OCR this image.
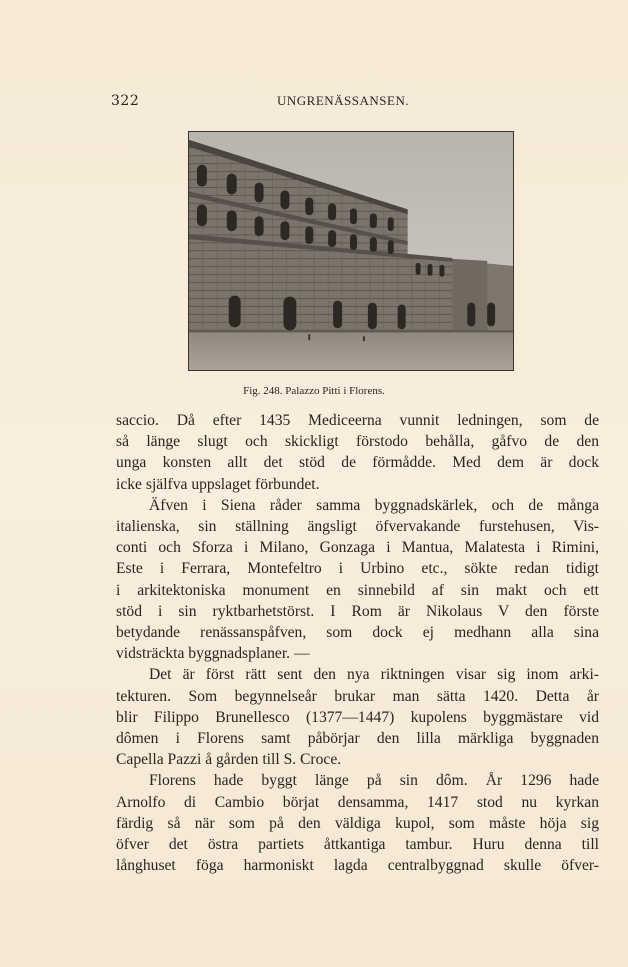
322	UNGRENÄSSANSEN.
Fig. 248. Palazzo Pitti i Florens.

saccio. Då efter 1435 Mediceerna vunnit ledningen, som de

så länge slugt och skickligt förstodo behålla, gåfvo de den

unga konsten allt det stöd de förmådde. Med dem är dock

icke själfva uppslaget förbundet.

Äfven i Siena råder samma byggnadskärlek, och de många

italienska, sin ställning ängsligt öfvervakande furstehusen, Vis-

conti och Sforza i Milano, Gonzaga i Mantua, Malatesta i Rimini,

Este i Ferrara, Montefeltro i Urbino etc., sökte redan tidigt

i arkitektoniska monument en sinnebild af sin makt och ett

stöd i sin ryktbarhetstörst. I Rom är Nikolaus V den förste

betydande renässanspåfven, som dock ej medhann alla sina

vidsträckta byggnadsplaner. —

Det är först rätt sent den nya riktningen visar sig inom arki-

tekturen. Som begynnelseår brukar man sätta 1420. Detta år

blir Filippo Brunellesco (1377—1447) kupolens byggmästare vid

dômen i Florens samt påbörjar den lilla märkliga byggnaden

Capella Pazzi å gården till S. Croce.

Florens hade byggt länge på sin dôm. År 1296 hade

Arnolfo di Cambio börjat densamma, 1417 stod nu kyrkan

färdig så när som på den väldiga kupol, som måste höja sig

öfver det östra partiets åttkantiga tambur. Huru denna till

långhuset föga harmoniskt lagda centralbyggnad skulle öfver-
